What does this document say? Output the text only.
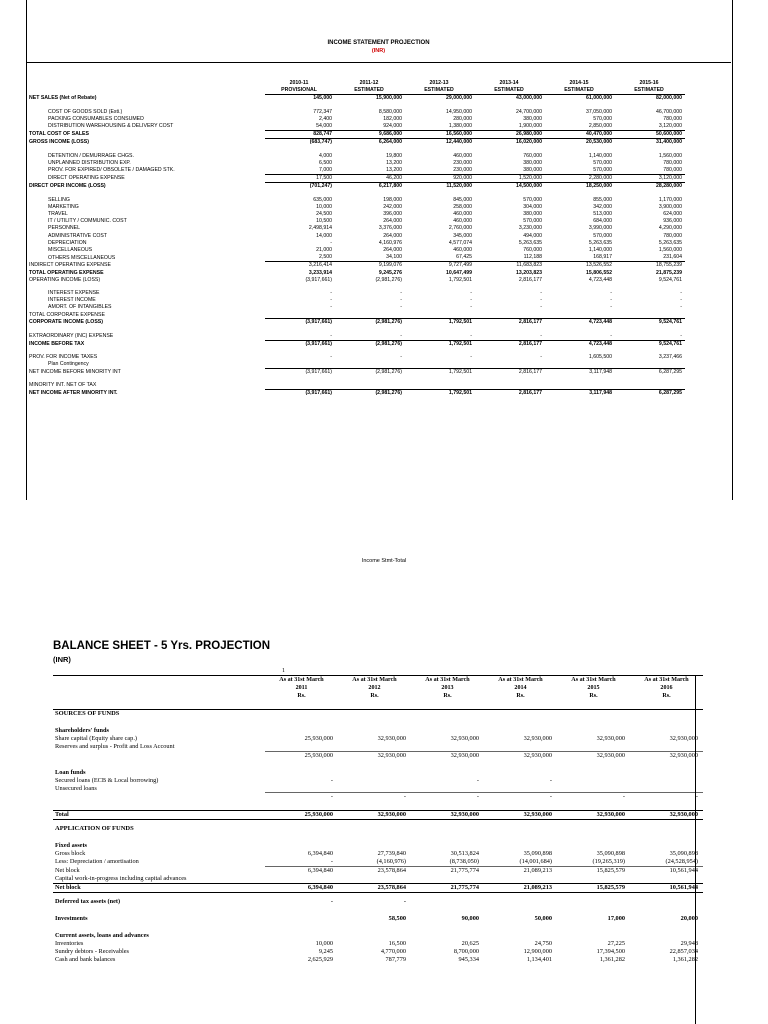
INCOME STATEMENT PROJECTION
(INR)
	2010-11	2011-12	2012-13	2013-14	2014-15	2015-16
	PROVISIONAL	ESTIMATED	ESTIMATED	ESTIMATED	ESTIMATED	ESTIMATED
NET SALES (Net of Rebate)	145,000	15,900,000	29,000,000	43,000,000	61,000,000	82,000,000

COST OF GOODS SOLD (Esti.)	772,347	8,580,000	14,950,000	24,700,000	37,050,000	46,700,000
PACKING CONSUMABLES CONSUMED	2,400	182,000	280,000	380,000	570,000	780,000
DISTRIBUTION WAREHOUSING & DELIVERY COST	54,000	924,000	1,380,000	1,900,000	2,850,000	3,120,000
TOTAL COST OF SALES	828,747	9,686,000	16,560,000	26,980,000	40,470,000	50,600,000
GROSS INCOME (LOSS)	(683,747)	6,264,000	12,440,000	16,020,000	20,530,000	31,400,000

DETENTION / DEMURRAGE CHGS.	4,000	19,800	460,000	760,000	1,140,000	1,560,000
UNPLANNED DISTRIBUTION EXP.	6,500	13,200	230,000	380,000	570,000	780,000
PROV. FOR EXPIRED/ OBSOLETE / DAMAGED STK.	7,000	13,200	230,000	380,000	570,000	780,000
DIRECT OPERATING EXPENSE	17,500	46,200	920,000	1,520,000	2,280,000	3,120,000
DIRECT OPER INCOME (LOSS)	(701,247)	6,217,800	11,520,000	14,500,000	18,250,000	28,280,000

SELLING	635,000	198,000	845,000	570,000	855,000	1,170,000
MARKETING	10,000	242,000	258,000	304,000	342,000	3,900,000
TRAVEL	24,500	396,000	460,000	380,000	513,000	624,000
IT / UTILITY / COMMUNIC. COST	10,500	264,000	460,000	570,000	684,000	936,000
PERSONNEL	2,498,914	3,376,000	2,760,000	3,230,000	3,990,000	4,290,000
ADMINISTRATIVE COST	14,000	264,000	345,000	494,000	570,000	780,000
DEPRECIATION	-	4,160,976	4,577,074	5,263,635	5,263,635	5,263,635
MISCELLANEOUS	21,000	264,000	460,000	760,000	1,140,000	1,560,000
OTHERS MISCELLANEOUS	2,500	34,100	67,425	112,188	168,917	231,604
INDIRECT OPERATING EXPENSE	3,216,414	9,199,076	9,727,499	11,683,823	13,526,552	18,755,239
TOTAL OPERATING EXPENSE	3,233,914	9,245,276	10,647,499	13,203,823	15,806,552	21,875,239
OPERATING INCOME (LOSS)	(3,917,661)	(2,981,276)	1,792,501	2,816,177	4,723,448	9,524,761

INTEREST EXPENSE	-	-	-	-	-	-
INTEREST INCOME	-	-	-	-	-	-
AMORT. OF INTANGIBLES	-	-	-	-	-	-
TOTAL CORPORATE EXPENSE						
CORPORATE INCOME (LOSS)	(3,917,661)	(2,981,276)	1,792,501	2,816,177	4,723,448	9,524,761

EXTRAORDINARY (INC) EXPENSE	-	-	-	-	-	-
INCOME BEFORE TAX	(3,917,661)	(2,981,276)	1,792,501	2,816,177	4,723,448	9,524,761

PROV. FOR INCOME TAXES	-	-	-	-	1,605,500	3,237,466
Plan Contingency						
NET INCOME BEFORE MINORITY INT	(3,917,661)	(2,981,276)	1,792,501	2,816,177	3,117,948	6,287,295

MINORITY INT. NET OF TAX						
NET INCOME AFTER MINORITY INT.	(3,917,661)	(2,981,276)	1,792,501	2,816,177	3,117,948	6,287,295
Income Stmt-Total
BALANCE SHEET - 5 Yrs. PROJECTION
(INR)
1
	As at 31st March	As at 31st March	As at 31st March	As at 31st March	As at 31st March	As at 31st March
	2011	2012	2013	2014	2015	2016
	Rs.	Rs.	Rs.	Rs.	Rs.	Rs.

SOURCES OF FUNDS						

Shareholders' funds						
Share capital (Equity share cap.)	25,930,000	32,930,000	32,930,000	32,930,000	32,930,000	32,930,000
Reserves and surplus - Profit and Loss Account						
	25,930,000	32,930,000	32,930,000	32,930,000	32,930,000	32,930,000

Loan funds						
Secured loans (ECB & Local borrowing)	-		-	-		
Unsecured loans						
	-	-	-	-	-	-

Total	25,930,000	32,930,000	32,930,000	32,930,000	32,930,000	32,930,000

APPLICATION OF FUNDS						

Fixed assets						
Gross block	6,394,840	27,739,840	30,513,824	35,090,898	35,090,898	35,090,898
Less: Depreciation / amortisation	-	(4,160,976)	(8,738,050)	(14,001,684)	(19,265,319)	(24,528,954)
Net block	6,394,840	23,578,864	21,775,774	21,089,213	15,825,579	10,561,944
Capital work-in-progress including capital advances						
Net block	6,394,840	23,578,864	21,775,774	21,089,213	15,825,579	10,561,944

Deferred tax assets (net)	-	-				

Investments		58,500	90,000	50,000	17,000	20,000

Current assets, loans and advances						
Inventories	10,000	16,500	20,625	24,750	27,225	29,948
Sundry debtors - Receivables	9,245	4,770,000	8,700,000	12,900,000	17,394,500	22,857,034
Cash and bank balances	2,625,929	787,779	945,334	1,134,401	1,361,282	1,361,282
